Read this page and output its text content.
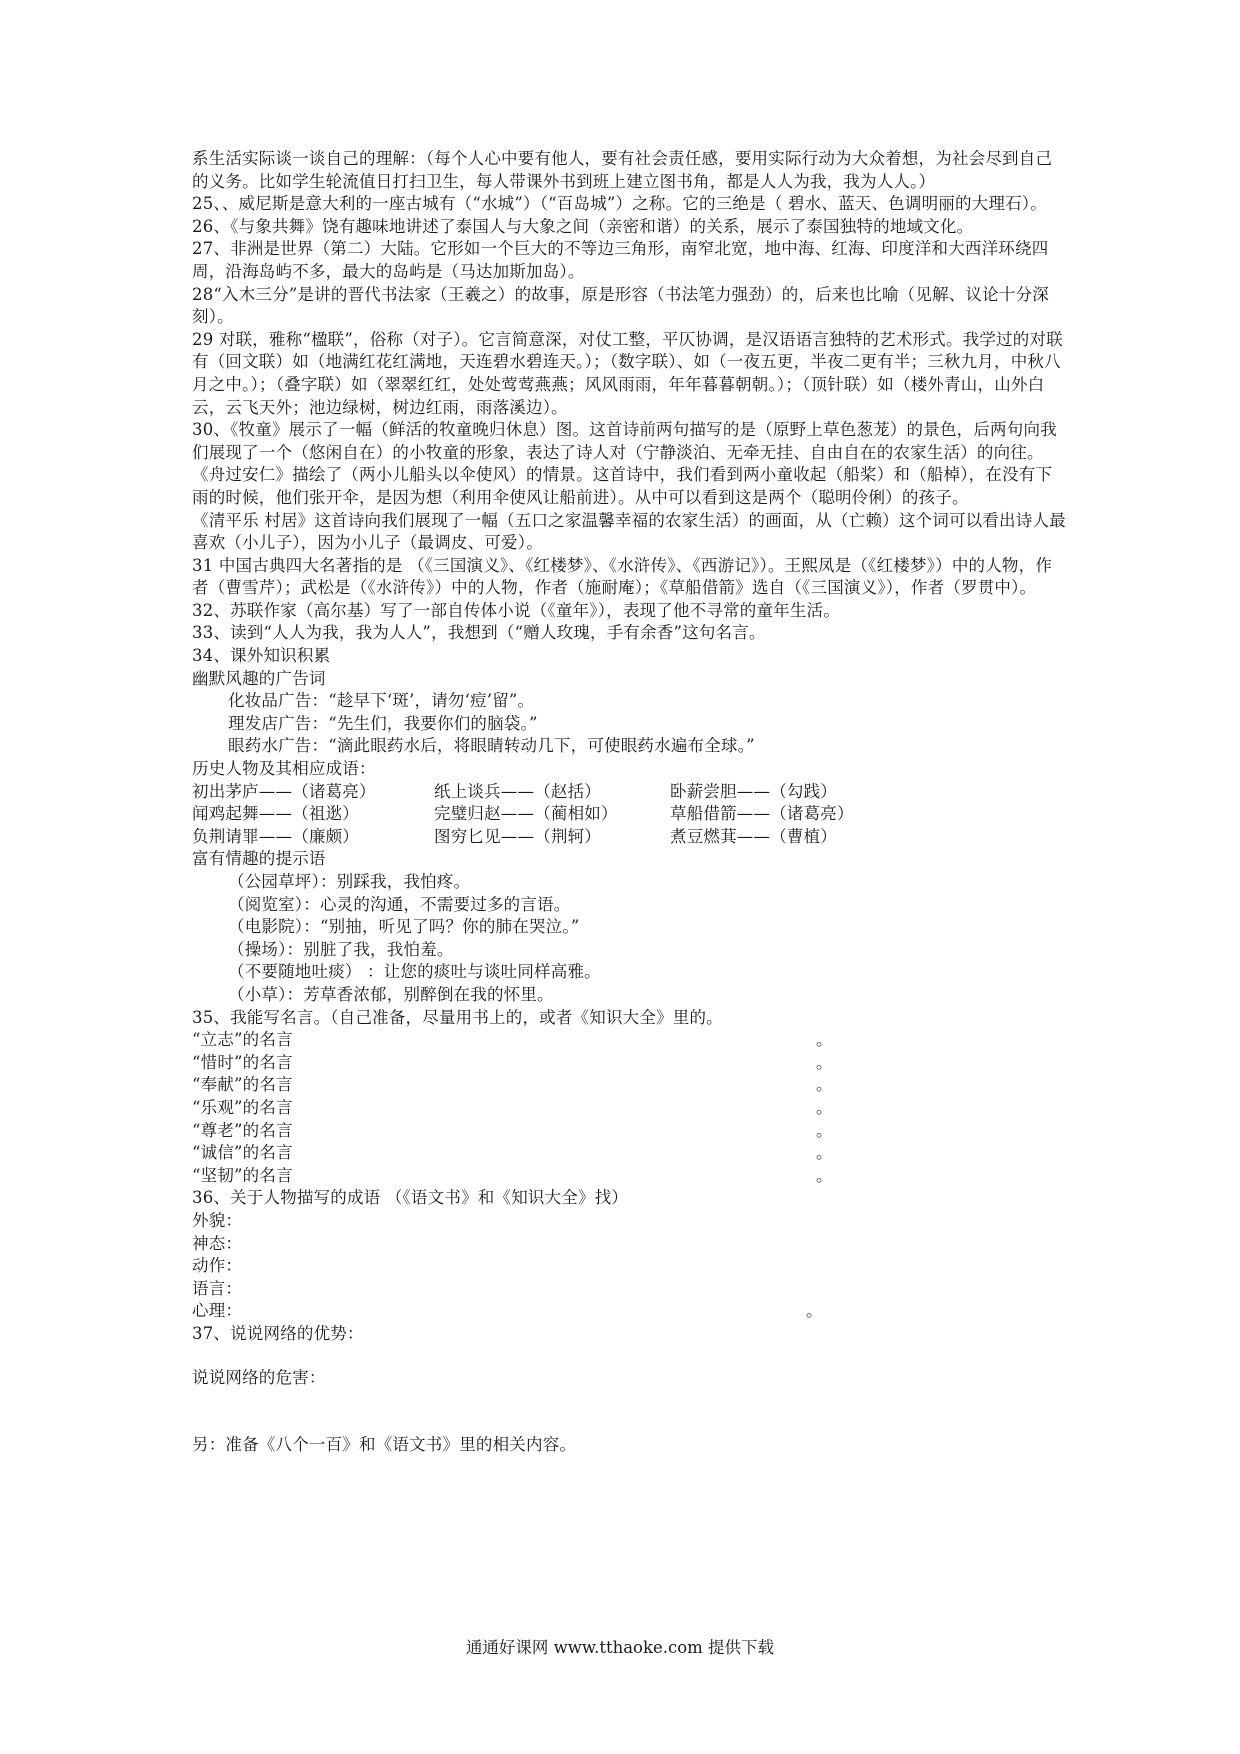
系生活实际谈一谈自己的理解：（每个人心中要有他人，要有社会责任感，要用实际行动为大众着想，为社会尽到自己的义务。比如学生轮流值日打扫卫生，每人带课外书到班上建立图书角，都是人人为我，我为人人。）

25、、威尼斯是意大利的一座古城有（“水城”）（“百岛城”）之称。它的三绝是（ 碧水、蓝天、色调明丽的大理石）。

26、《与象共舞》饶有趣味地讲述了泰国人与大象之间（亲密和谐）的关系，展示了泰国独特的地域文化。

27、非洲是世界（第二）大陆。它形如一个巨大的不等边三角形，南窄北宽，地中海、红海、印度洋和大西洋环绕四周，沿海岛屿不多，最大的岛屿是（马达加斯加岛）。

28“入木三分”是讲的晋代书法家（王羲之）的故事，原是形容（书法笔力强劲）的，后来也比喻（见解、议论十分深刻）。

29 对联，雅称“楹联”，俗称（对子）。它言简意深，对仗工整，平仄协调，是汉语语言独特的艺术形式。我学过的对联有（回文联）如（地满红花红满地，天连碧水碧连天。）；（数字联）、如（一夜五更，半夜二更有半；三秋九月，中秋八月之中。）；（叠字联）如（翠翠红红，处处莺莺燕燕；风风雨雨，年年暮暮朝朝。）；（顶针联）如（楼外青山，山外白云，云飞天外；池边绿树，树边红雨，雨落溪边）。

30、《牧童》展示了一幅（鲜活的牧童晚归休息）图。这首诗前两句描写的是（原野上草色葱茏）的景色，后两句向我们展现了一个（悠闲自在）的小牧童的形象，表达了诗人对（宁静淡泊、无牵无挂、自由自在的农家生活）的向往。

《舟过安仁》描绘了（两小儿船头以伞使风）的情景。这首诗中，我们看到两小童收起（船桨）和（船棹），在没有下雨的时候，他们张开伞，是因为想（利用伞使风让船前进）。从中可以看到这是两个（聪明伶俐）的孩子。

《清平乐 村居》这首诗向我们展现了一幅（五口之家温馨幸福的农家生活）的画面，从（亡赖）这个词可以看出诗人最喜欢（小儿子），因为小儿子（最调皮、可爱）。

31 中国古典四大名著指的是 （《三国演义》、《红楼梦》、《水浒传》、《西游记》）。王熙凤是（《红楼梦》）中的人物，作者（曹雪芹）；武松是（《水浒传》）中的人物，作者（施耐庵）；《草船借箭》选自（《三国演义》），作者（罗贯中）。

32、苏联作家（高尔基）写了一部自传体小说（《童年》），表现了他不寻常的童年生活。

33、读到“人人为我，我为人人”，我想到（“赠人玫瑰，手有余香”这句名言。

34、课外知识积累

幽默风趣的广告词

化妆品广告：“趁早下‘斑’，请勿‘痘’留”。

理发店广告：“先生们，我要你们的脑袋。”

眼药水广告：“滴此眼药水后，将眼睛转动几下，可使眼药水遍布全球。”

历史人物及其相应成语：

初出茅庐——（诸葛亮）	纸上谈兵——（赵括）	卧薪尝胆——（勾践）
闻鸡起舞——（祖逖）	完璧归赵——（蔺相如）	草船借箭——（诸葛亮）
负荆请罪——（廉颇）	图穷匕见——（荆轲）	煮豆燃萁——（曹植）

富有情趣的提示语

（公园草坪）：别踩我，我怕疼。

（阅览室）：心灵的沟通，不需要过多的言语。

（电影院）：“别抽，听见了吗？你的肺在哭泣。”

（操场）：别脏了我，我怕羞。

（不要随地吐痰） ：让您的痰吐与谈吐同样高雅。

（小草）：芳草香浓郁，别醉倒在我的怀里。

35、我能写名言。（自己准备，尽量用书上的，或者《知识大全》里的。

“立志”的名言	。
“惜时”的名言	。
“奉献”的名言	。
“乐观”的名言	。
“尊老”的名言	。
“诚信”的名言	。
“坚韧”的名言	。

36、关于人物描写的成语 （《语文书》和《知识大全》找）

外貌：

神态：

动作：

语言：

心理：	。

37、说说网络的优势：

说说网络的危害：

另：准备《八个一百》和《语文书》里的相关内容。

通通好课网 www.tthaoke.com 提供下载
